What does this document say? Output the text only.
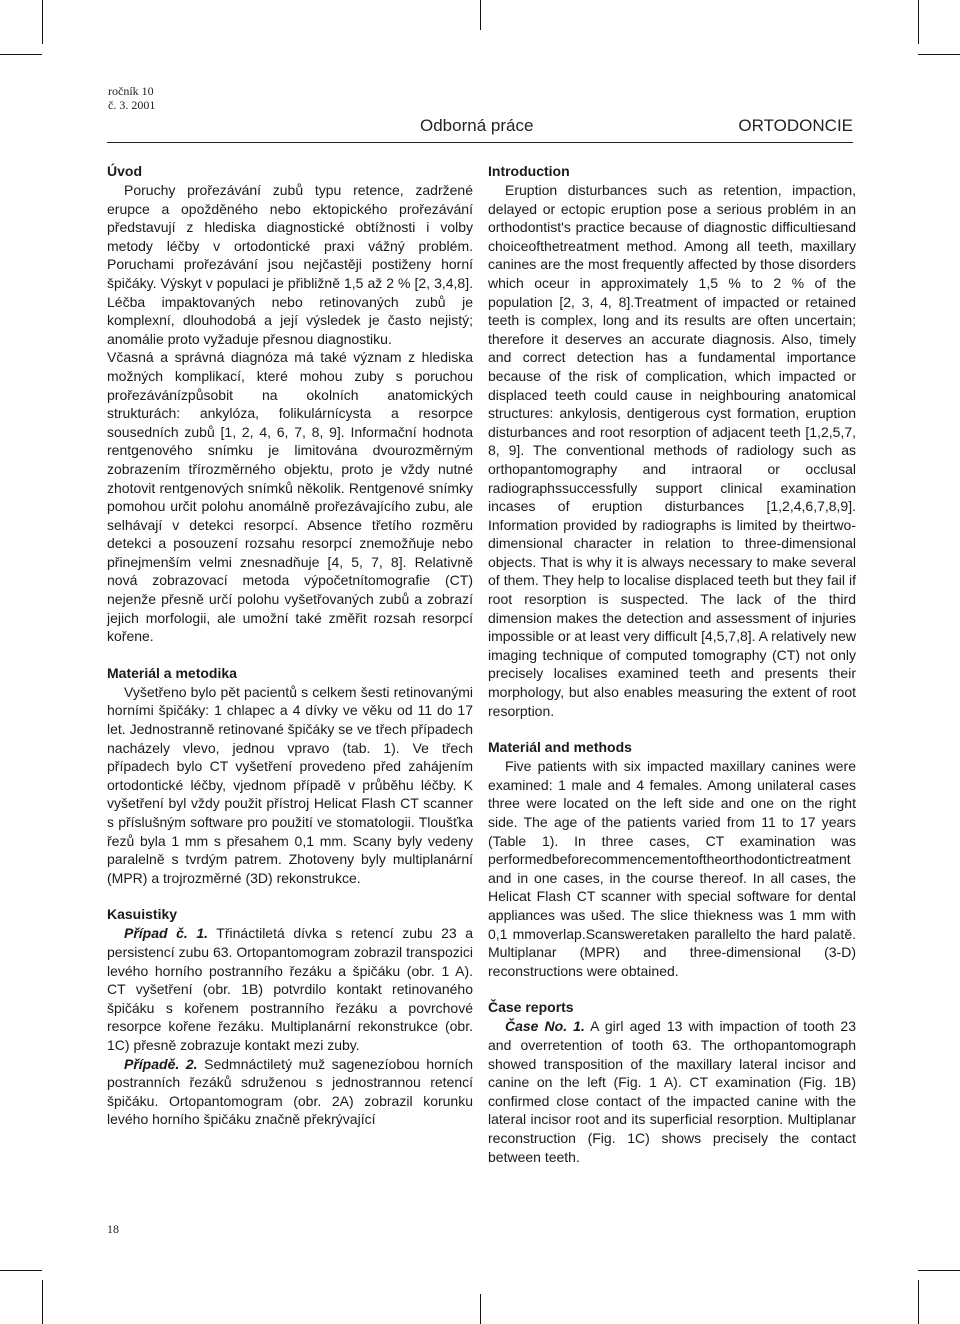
ročník 10
č. 3. 2001
Odborná práce	ORTODONCIE
Úvod

Poruchy prořezávání zubů typu retence, zadržené erupce a opožděného nebo ektopického prořezávání představují z hlediska diagnostické obtížnosti i volby metody léčby v ortodontické praxi vážný problém. Poruchami prořezávání jsou nejčastěji postiženy horní špičáky. Výskyt v populaci je přibližně 1,5 až 2 % [2, 3,4,8]. Léčba impaktovaných nebo retinovaných zubů je komplexní, dlouhodobá a její výsledek je často nejistý; anomálie proto vyžaduje přesnou diagnostiku.

Včasná a správná diagnóza má také význam z hlediska možných komplikací, které mohou zuby s poruchou prořezávánízpůsobit na okolních anatomických strukturách: ankylóza, folikulárnícysta a resorpce sousedních zubů [1, 2, 4, 6, 7, 8, 9]. Informační hodnota rentgenového snímku je limitována dvourozměrným zobrazením třírozměrného objektu, proto je vždy nutné zhotovit rentgenových snímků několik. Rentgenové snímky pomohou určit polohu anomálně prořezávajícího zubu, ale selhávají v detekci resorpcí. Absence třetího rozměru detekci a posouzení rozsahu resorpcí znemožňuje nebo přinejmenším velmi znesnadňuje [4, 5, 7, 8]. Relativně nová zobrazovací metoda výpočetnítomografie (CT) nejenže přesně určí polohu vyšetřovaných zubů a zobrazí jejich morfologii, ale umožní také změřit rozsah resorpcí kořene.

Materiál a metodika

Vyšetřeno bylo pět pacientů s celkem šesti retinovanými horními špičáky: 1 chlapec a 4 dívky ve věku od 11 do 17 let. Jednostranně retinované špičáky se ve třech případech nacházely vlevo, jednou vpravo (tab. 1). Ve třech případech bylo CT vyšetření provedeno před zahájením ortodontické léčby, vjednom případě v průběhu léčby. K vyšetření byl vždy použit přístroj Helicat Flash CT scanner s příslušným software pro použití ve stomatologii. Tloušťka řezů byla 1 mm s přesahem 0,1 mm. Scany byly vedeny paralelně s tvrdým patrem. Zhotoveny byly multiplanární (MPR) a trojrozměrné (3D) rekonstrukce.

Kasuistiky

Případ č. 1. Třináctiletá dívka s retencí zubu 23 a persistencí zubu 63. Ortopantomogram zobrazil transpozici levého horního postranního řezáku a špičáku (obr. 1 A). CT vyšetření (obr. 1B) potvrdilo kontakt retinovaného špičáku s kořenem postranního řezáku a povrchové resorpce kořene řezáku. Multiplanární rekonstrukce (obr. 1C) přesně zobrazuje kontakt mezi zuby.

Případě. 2. Sedmnáctiletý muž sagenezíobou horních postranních řezáků sdruženou s jednostrannou retencí špičáku. Ortopantomogram (obr. 2A) zobrazil korunku levého horního špičáku značně překrývající

Introduction

Eruption disturbances such as retention, impaction, delayed or ectopic eruption pose a serious problém in an orthodontist's practice because of diagnostic difficultiesand choiceofthetreatment method. Among all teeth, maxillary canines are the most frequently affected by those disorders which oceur in approximately 1,5 % to 2 % of the population [2, 3, 4, 8].Treatment of impacted or retained teeth is complex, long and its results are often uncertain; therefore it deserves an accurate diagnosis. Also, timely and correct detection has a fundamental importance because of the risk of complication, which impacted or displaced teeth could cause in neighbouring anatomical structures: ankylosis, dentigerous cyst formation, eruption disturbances and root resorption of adjacent teeth [1,2,5,7, 8, 9]. The conventional methods of radiology such as orthopantomography and intraoral or occlusal radiographssuccessfully support clinical examination incases of eruption disturbances [1,2,4,6,7,8,9]. Information provided by radiographs is limited by theirtwo-dimensional character in relation to three-dimensional objects. That is why it is always necessary to make several of them. They help to localise displaced teeth but they fail if root resorption is suspected. The lack of the third dimension makes the detection and assessment of injuries impossible or at least very difficult [4,5,7,8]. A relatively new imaging technique of computed tomography (CT) not only precisely localises examined teeth and presents their morphology, but also enables measuring the extent of root resorption.

Materiál and methods

Five patients with six impacted maxillary canines were examined: 1 male and 4 females. Among unilateral cases three were located on the left side and one on the right side. The age of the patients varied from 11 to 17 years (Table 1). In three cases, CT examination was performedbeforecommencementoftheorthodontictreatment and in one cases, in the course thereof. In all cases, the Helicat Flash CT scanner with special software for dental appliances was ušed. The slice thiekness was 1 mm with 0,1 mmoverlap.Scansweretaken parallelto the hard palatě. Multiplanar (MPR) and three-dimensional (3-D) reconstructions were obtained.

Čase reports

Čase No. 1. A girl aged 13 with impaction of tooth 23 and overretention of tooth 63. The orthopantomograph showed transposition of the maxillary lateral incisor and canine on the left (Fig. 1 A). CT examination (Fig. 1B) confirmed close contact of the impacted canine with the lateral incisor root and its superficial resorption. Multiplanar reconstruction (Fig. 1C) shows precisely the contact between teeth.

18
